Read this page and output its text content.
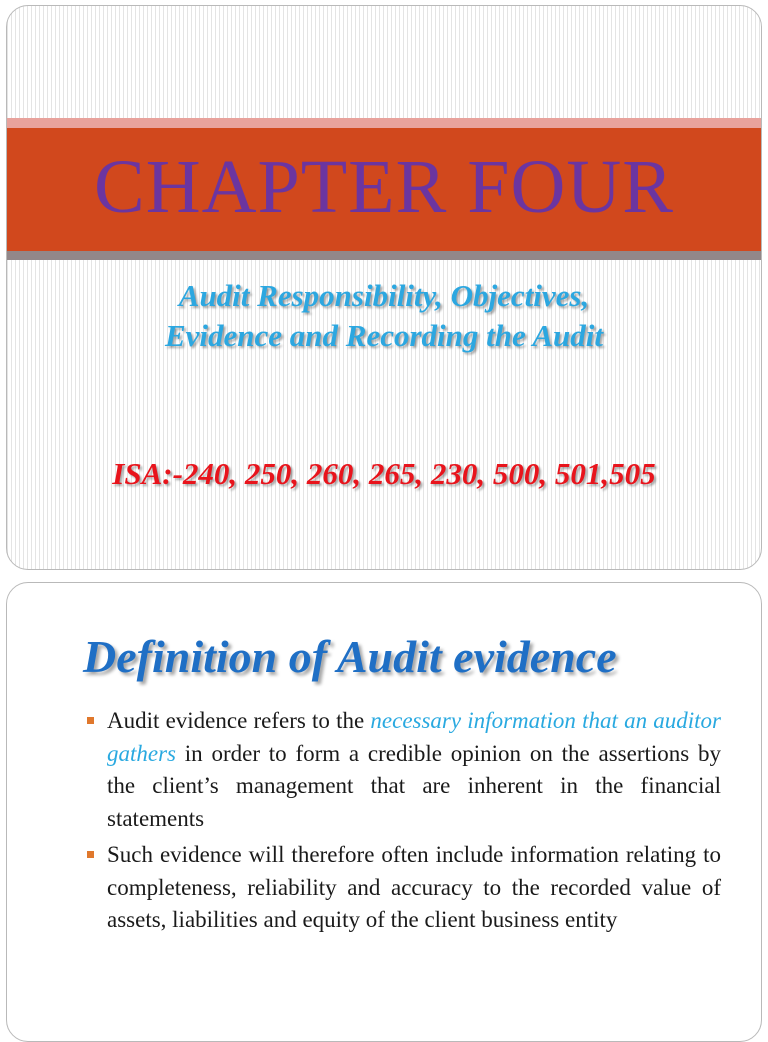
CHAPTER FOUR
Audit Responsibility, Objectives,
Evidence and Recording the Audit
ISA:-240, 250, 260, 265, 230, 500, 501,505
Definition of Audit evidence
Audit evidence refers to the necessary information that an auditor gathers in order to form a credible opinion on the assertions by the client’s management that are inherent in the financial statements
Such evidence will therefore often include information relating to completeness, reliability and accuracy to the recorded value of assets, liabilities and equity of the client business entity
